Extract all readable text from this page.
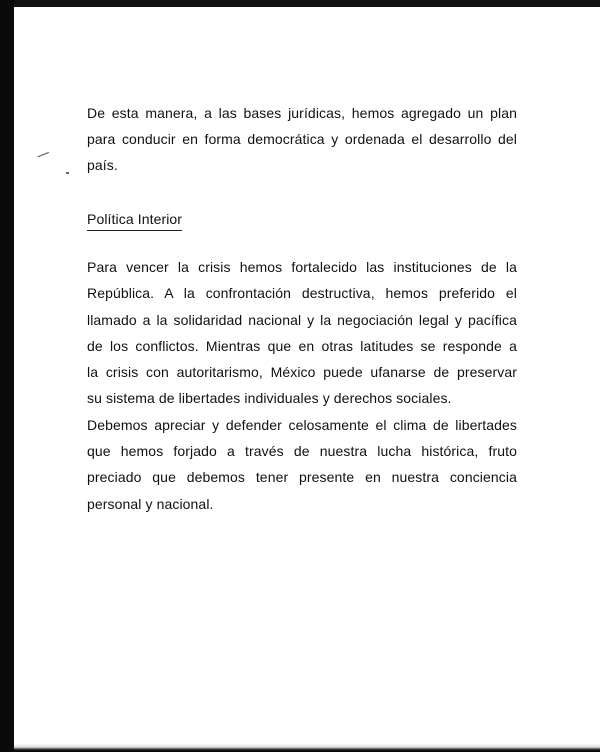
De esta manera, a las bases jurídicas, hemos agregado un plan
para conducir en forma democrática y ordenada el desarrollo del
país.

Política Interior

Para vencer la crisis hemos fortalecido las instituciones de la
República. A la confrontación destructiva, hemos preferido el
llamado a la solidaridad nacional y la negociación legal y pacífica
de los conflictos. Mientras que en otras latitudes se responde a
la crisis con autoritarismo, México puede ufanarse de preservar
su sistema de libertades individuales y derechos sociales.
Debemos apreciar y defender celosamente el clima de libertades
que hemos forjado a través de nuestra lucha histórica, fruto
preciado que debemos tener presente en nuestra conciencia
personal y nacional.
